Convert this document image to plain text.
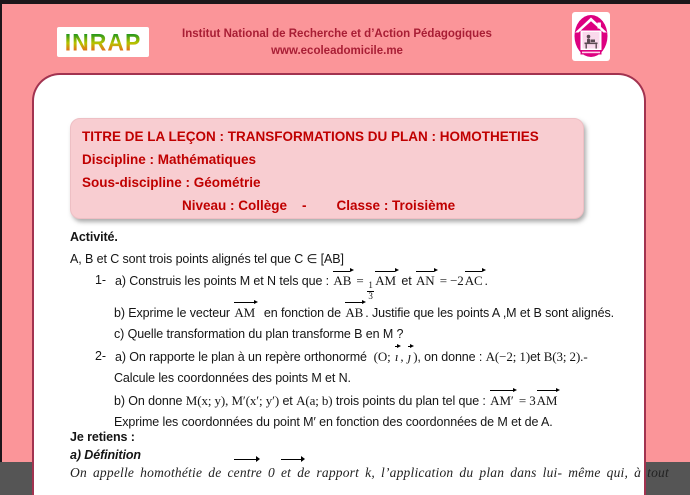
INRAP	Institut National de Recherche et d’Action Pédagogiques
www.ecoleadomicile.me
TITRE DE LA LEÇON : TRANSFORMATIONS DU PLAN : HOMOTHETIES
Discipline : Mathématiques
Sous-discipline : Géométrie
Niveau : Collège    -        Classe : Troisième
Activité.
A, B et C sont trois points alignés tel que C ∈ [AB]
1- a) Construis les points M et N tels que : AB =
$\frac{1}{3}$
AM et AN = −2AC .
b) Exprime le vecteur AM  en fonction de AB . Justifie que les points A ,M et B sont alignés.
c) Quelle transformation du plan transforme B en M ?
2- a) On rapporte le plan à un repère orthonormé  (O; ı , ȷ ), on donne : A(−2; 1)et B(3; 2).-
Calcule les coordonnées des points M et N.
b) On donne M(x; y), M′(x′; y′) et A(a; b) trois points du plan tel que : AM′ = 3AM
Exprime les coordonnées du point M′ en fonction des coordonnées de M et de A.
Je retiens :
a) Définition
On appelle homothétie de centre 0 et de rapport k, l’application du plan dans lui- même qui, à tout
